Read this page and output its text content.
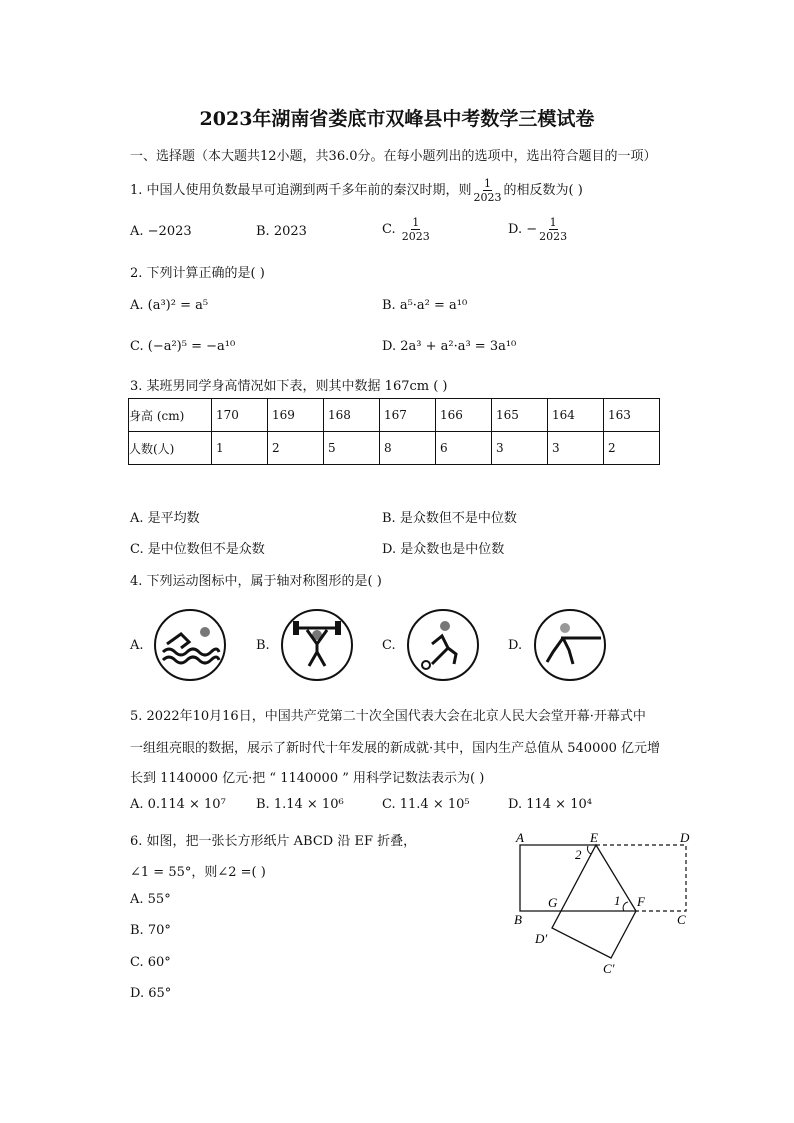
2023年湖南省娄底市双峰县中考数学三模试卷
一、选择题（本大题共12小题，共36.0分。在每小题列出的选项中，选出符合题目的一项）
1. 中国人使用负数最早可追溯到两千多年前的秦汉时期，则 $\frac{1}{2023}$ 的相反数为( )
A. −2023	B. 2023	C. $\frac{1}{2023}$	D. − $\frac{1}{2023}$
2. 下列计算正确的是( )
A. (a³)² = a⁵	B. a⁵·a² = a¹⁰
C. (−a²)⁵ = −a¹⁰	D. 2a³ + a²·a³ = 3a¹⁰
3. 某班男同学身高情况如下表，则其中数据 167cm ( )
身高 (cm)	170	169	168	167	166	165	164	163
人数(人)	1	2	5	8	6	3	3	2
A. 是平均数	B. 是众数但不是中位数
C. 是中位数但不是众数	D. 是众数也是中位数
4. 下列运动图标中，属于轴对称图形的是( )
A.	B.	C.	D.
5. 2022年10月16日，中国共产党第二十次全国代表大会在北京人民大会堂开幕·开幕式中
一组组亮眼的数据，展示了新时代十年发展的新成就·其中，国内生产总值从 540000 亿元增
长到 1140000 亿元·把 “ 1140000 ” 用科学记数法表示为( )
A. 0.114 × 10⁷ B. 1.14 × 10⁶	C. 11.4 × 10⁵	D. 114 × 10⁴
6. 如图，把一张长方形纸片 ABCD 沿 EF 折叠，
∠1 = 55°，则∠2 =( )
A. 55°
B. 70°
C. 60°
D. 65°
A	E	D
2
G	1 F
B	C
D′
C′
